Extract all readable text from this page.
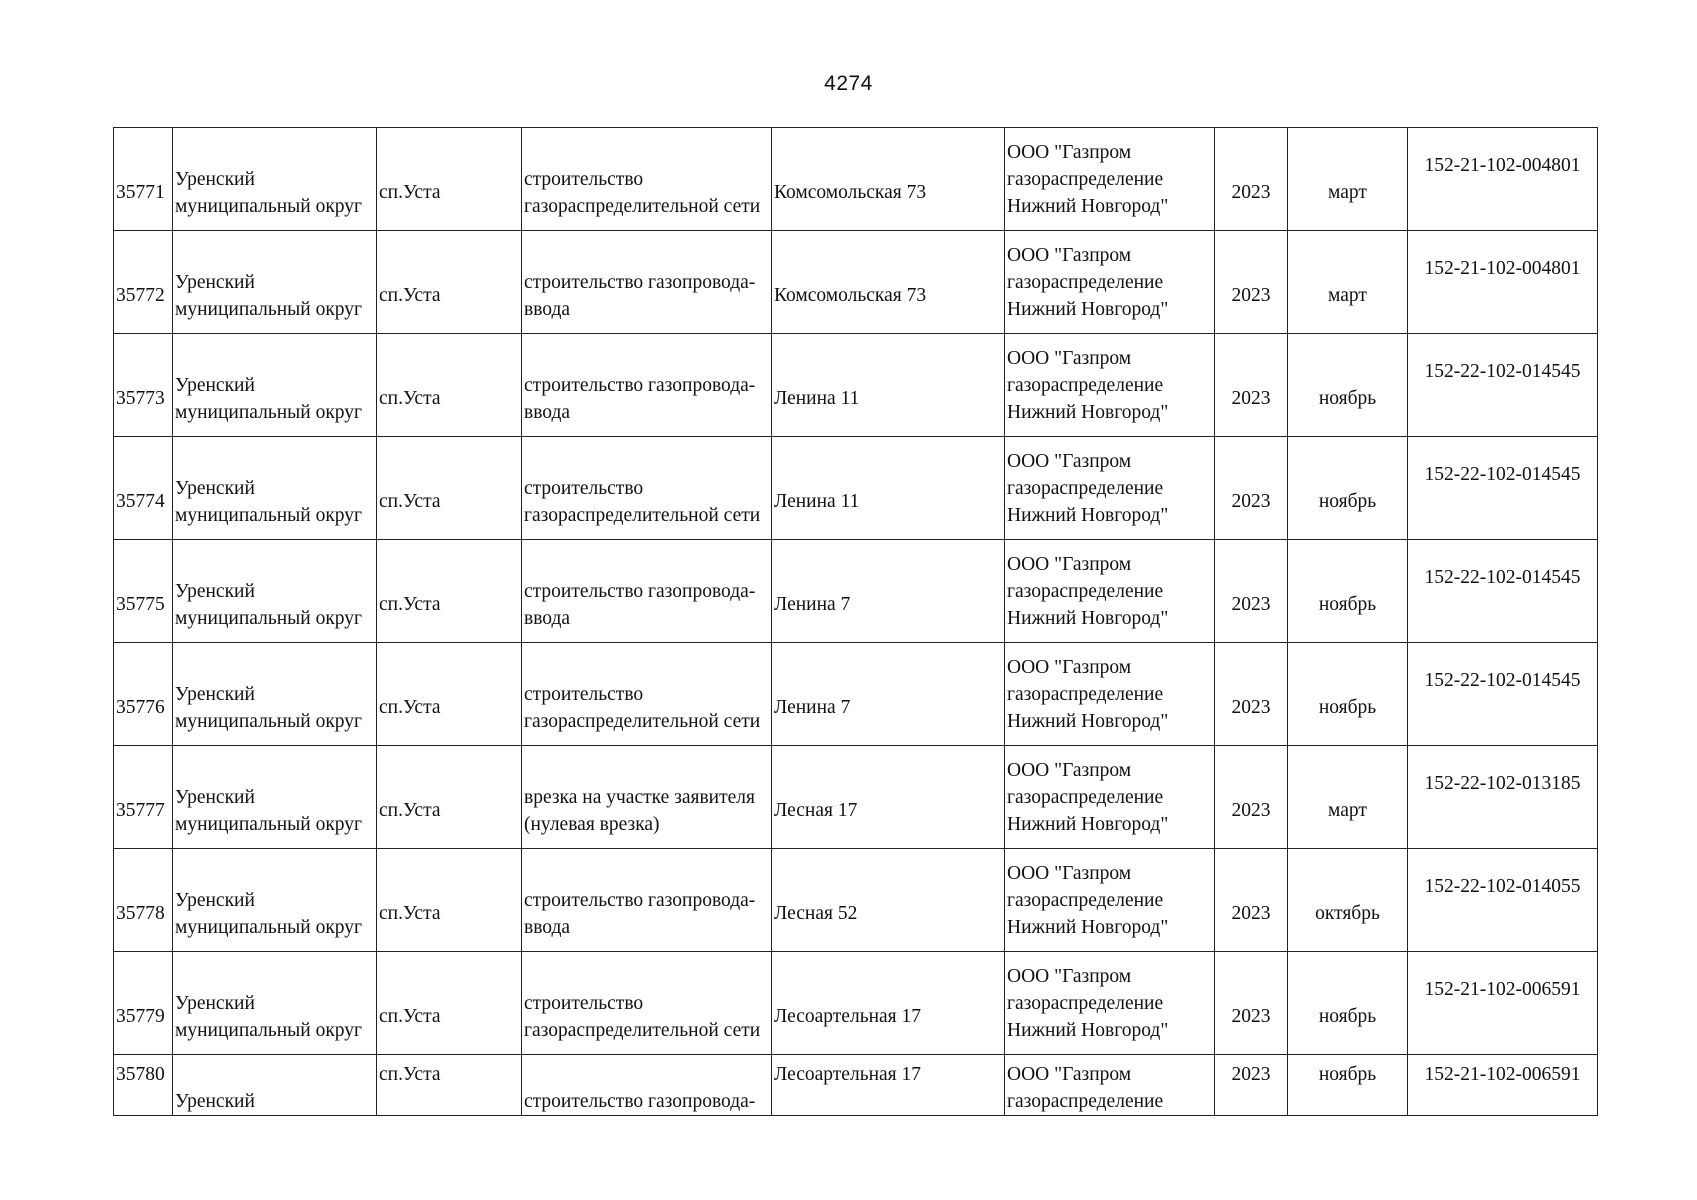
4274
35771	Уренский
муниципальный округ	сп.Уста	строительство
газораспределительной сети	Комсомольская 73	ООО "Газпром
газораспределение
Нижний Новгород"	2023	март	152-21-102-004801

35772	Уренский
муниципальный округ	сп.Уста	строительство газопровода-
ввода	Комсомольская 73	ООО "Газпром
газораспределение
Нижний Новгород"	2023	март	152-21-102-004801

35773	Уренский
муниципальный округ	сп.Уста	строительство газопровода-
ввода	Ленина 11	ООО "Газпром
газораспределение
Нижний Новгород"	2023	ноябрь	152-22-102-014545

35774	Уренский
муниципальный округ	сп.Уста	строительство
газораспределительной сети	Ленина 11	ООО "Газпром
газораспределение
Нижний Новгород"	2023	ноябрь	152-22-102-014545

35775	Уренский
муниципальный округ	сп.Уста	строительство газопровода-
ввода	Ленина 7	ООО "Газпром
газораспределение
Нижний Новгород"	2023	ноябрь	152-22-102-014545

35776	Уренский
муниципальный округ	сп.Уста	строительство
газораспределительной сети	Ленина 7	ООО "Газпром
газораспределение
Нижний Новгород"	2023	ноябрь	152-22-102-014545

35777	Уренский
муниципальный округ	сп.Уста	врезка на участке заявителя
(нулевая врезка)	Лесная 17	ООО "Газпром
газораспределение
Нижний Новгород"	2023	март	152-22-102-013185

35778	Уренский
муниципальный округ	сп.Уста	строительство газопровода-
ввода	Лесная 52	ООО "Газпром
газораспределение
Нижний Новгород"	2023	октябрь	152-22-102-014055

35779	Уренский
муниципальный округ	сп.Уста	строительство
газораспределительной сети	Лесоартельная 17	ООО "Газпром
газораспределение
Нижний Новгород"	2023	ноябрь	152-21-102-006591

35780	Уренский	сп.Уста	строительство газопровода-	Лесоартельная 17	ООО "Газпром
газораспределение	2023	ноябрь	152-21-102-006591
